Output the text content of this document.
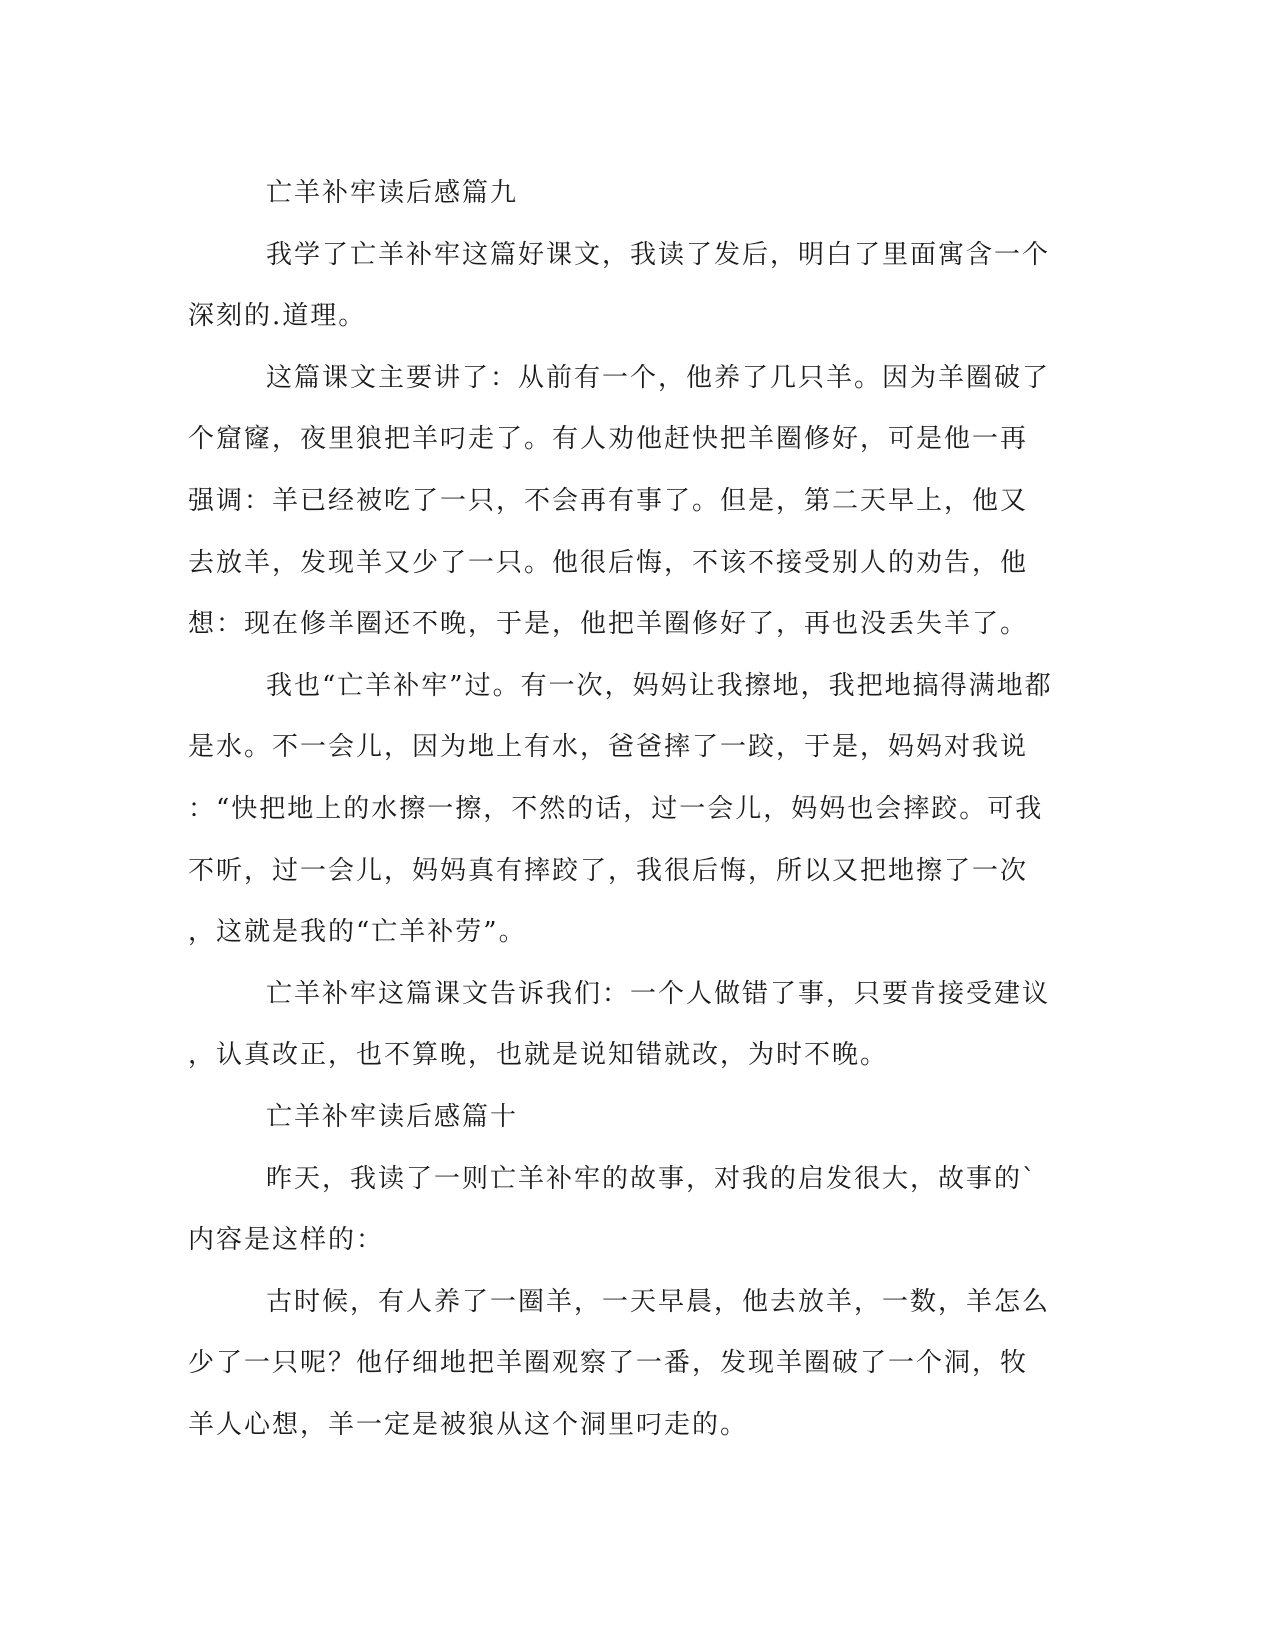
亡羊补牢读后感篇九
我学了亡羊补牢这篇好课文，我读了发后，明白了里面寓含一个
深刻的.道理。
这篇课文主要讲了：从前有一个，他养了几只羊。因为羊圈破了
个窟窿，夜里狼把羊叼走了。有人劝他赶快把羊圈修好，可是他一再
强调：羊已经被吃了一只，不会再有事了。但是，第二天早上，他又
去放羊，发现羊又少了一只。他很后悔，不该不接受别人的劝告，他
想：现在修羊圈还不晚，于是，他把羊圈修好了，再也没丢失羊了。
我也“亡羊补牢”过。有一次，妈妈让我擦地，我把地搞得满地都
是水。不一会儿，因为地上有水，爸爸摔了一跤，于是，妈妈对我说
：“快把地上的水擦一擦，不然的话，过一会儿，妈妈也会摔跤。可我
不听，过一会儿，妈妈真有摔跤了，我很后悔，所以又把地擦了一次
，这就是我的“亡羊补劳”。
亡羊补牢这篇课文告诉我们：一个人做错了事，只要肯接受建议
，认真改正，也不算晚，也就是说知错就改，为时不晚。
亡羊补牢读后感篇十
昨天，我读了一则亡羊补牢的故事，对我的启发很大，故事的`
内容是这样的：
古时候，有人养了一圈羊，一天早晨，他去放羊，一数，羊怎么
少了一只呢？他仔细地把羊圈观察了一番，发现羊圈破了一个洞，牧
羊人心想，羊一定是被狼从这个洞里叼走的。
